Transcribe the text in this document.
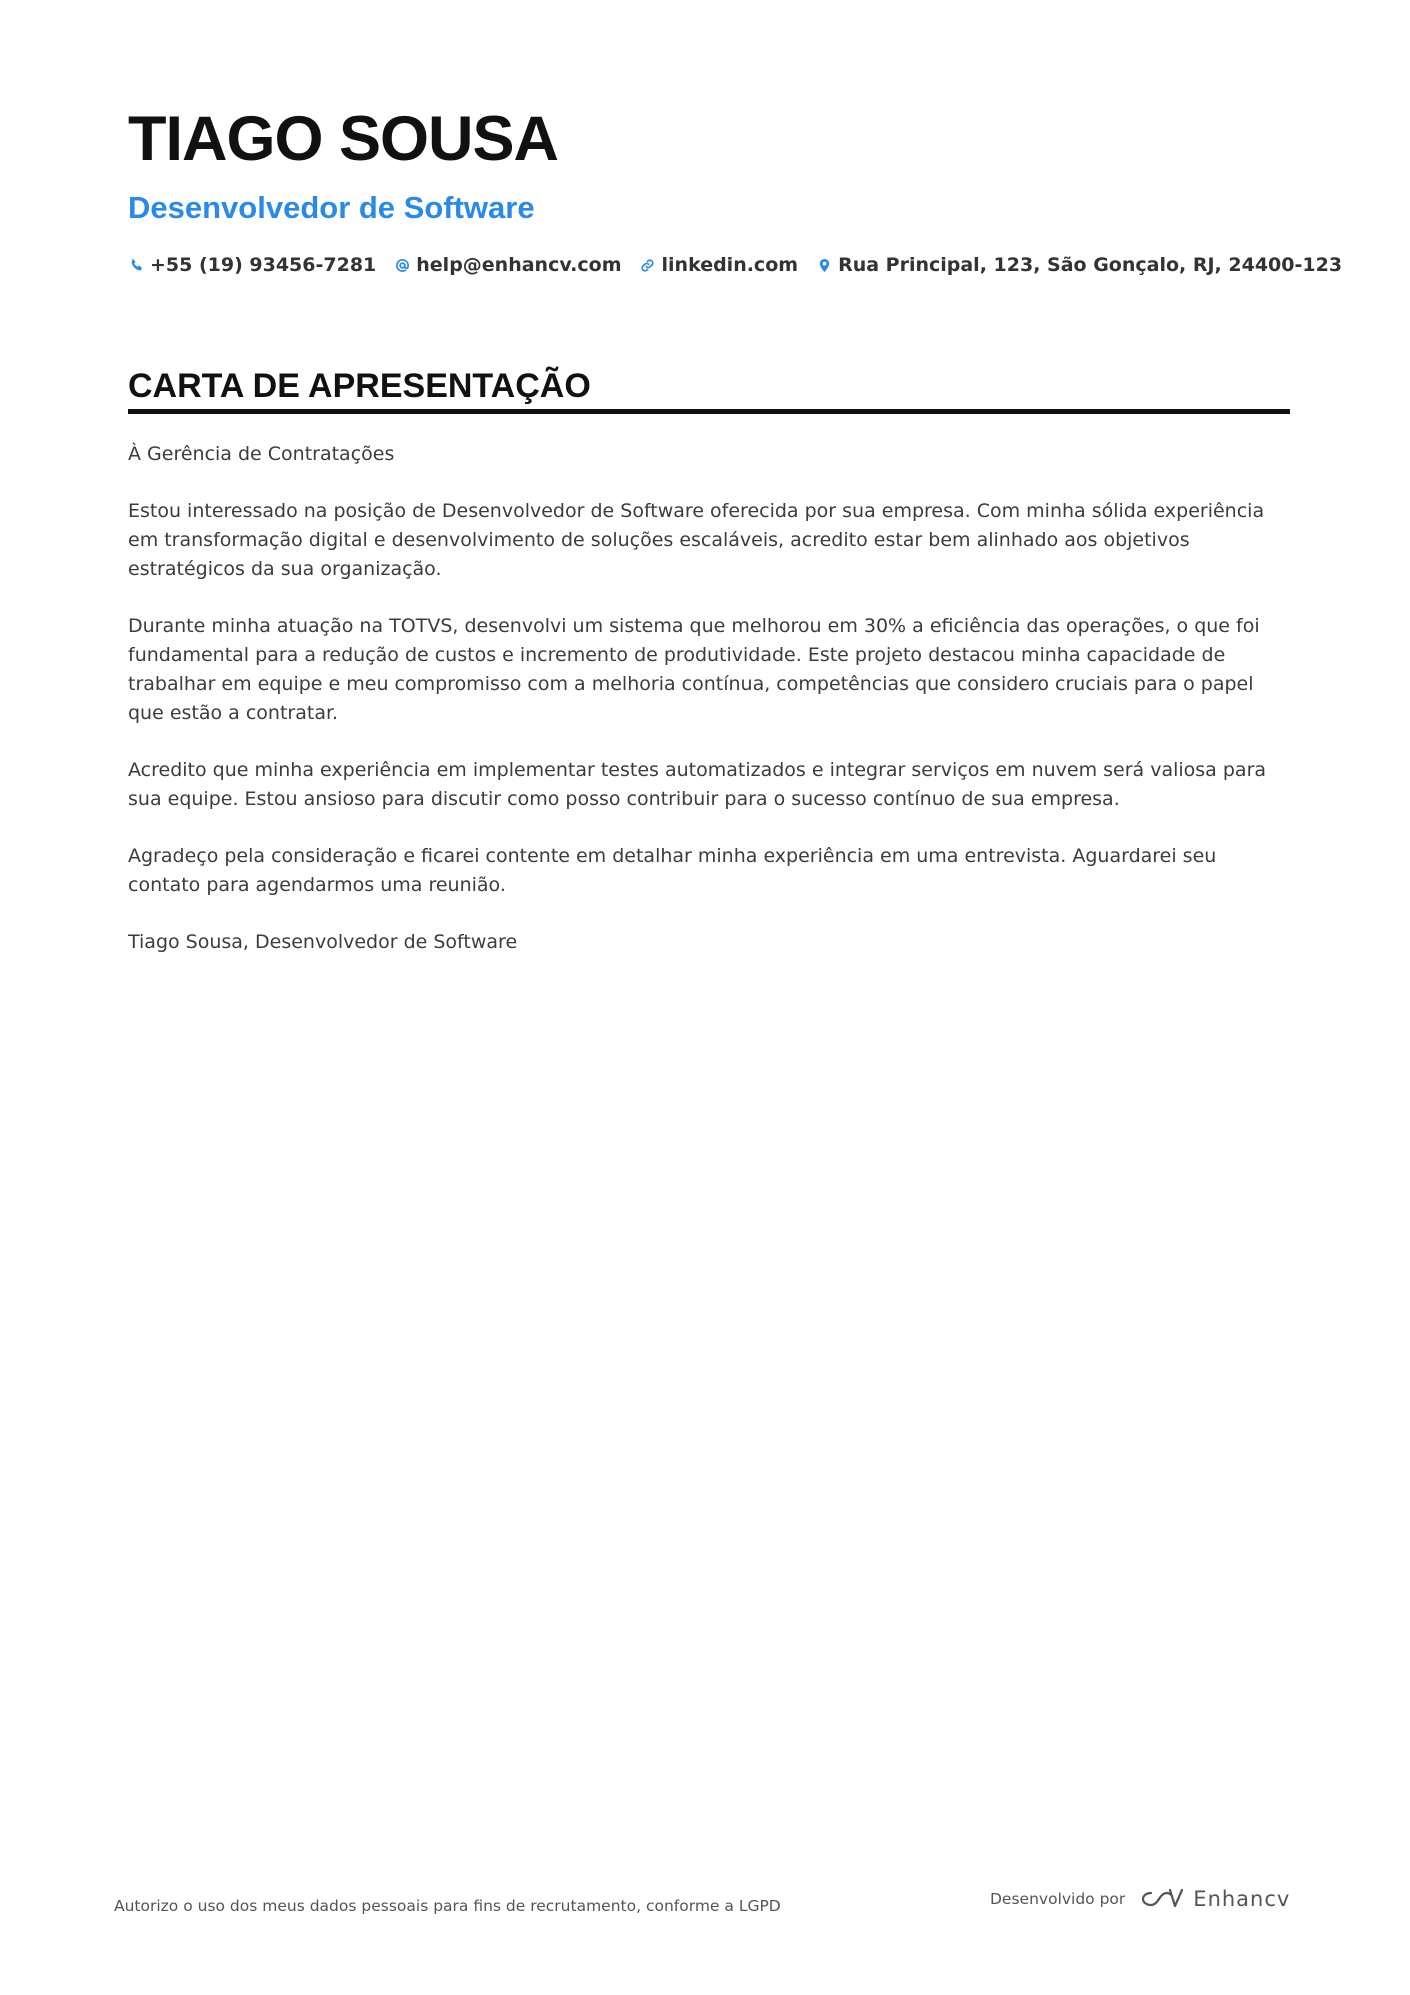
TIAGO SOUSA
Desenvolvedor de Software
+55 (19) 93456-7281 help@enhancv.com linkedin.com Rua Principal, 123, São Gonçalo, RJ, 24400-123
CARTA DE APRESENTAÇÃO

À Gerência de Contratações

Estou interessado na posição de Desenvolvedor de Software oferecida por sua empresa. Com minha sólida experiência em transformação digital e desenvolvimento de soluções escaláveis, acredito estar bem alinhado aos objetivos estratégicos da sua organização.

Durante minha atuação na TOTVS, desenvolvi um sistema que melhorou em 30% a eficiência das operações, o que foi fundamental para a redução de custos e incremento de produtividade. Este projeto destacou minha capacidade de trabalhar em equipe e meu compromisso com a melhoria contínua, competências que considero cruciais para o papel que estão a contratar.

Acredito que minha experiência em implementar testes automatizados e integrar serviços em nuvem será valiosa para sua equipe. Estou ansioso para discutir como posso contribuir para o sucesso contínuo de sua empresa.

Agradeço pela consideração e ficarei contente em detalhar minha experiência em uma entrevista. Aguardarei seu contato para agendarmos uma reunião.

Tiago Sousa, Desenvolvedor de Software

Autorizo o uso dos meus dados pessoais para fins de recrutamento, conforme a LGPD	Desenvolvido por	Enhancv
